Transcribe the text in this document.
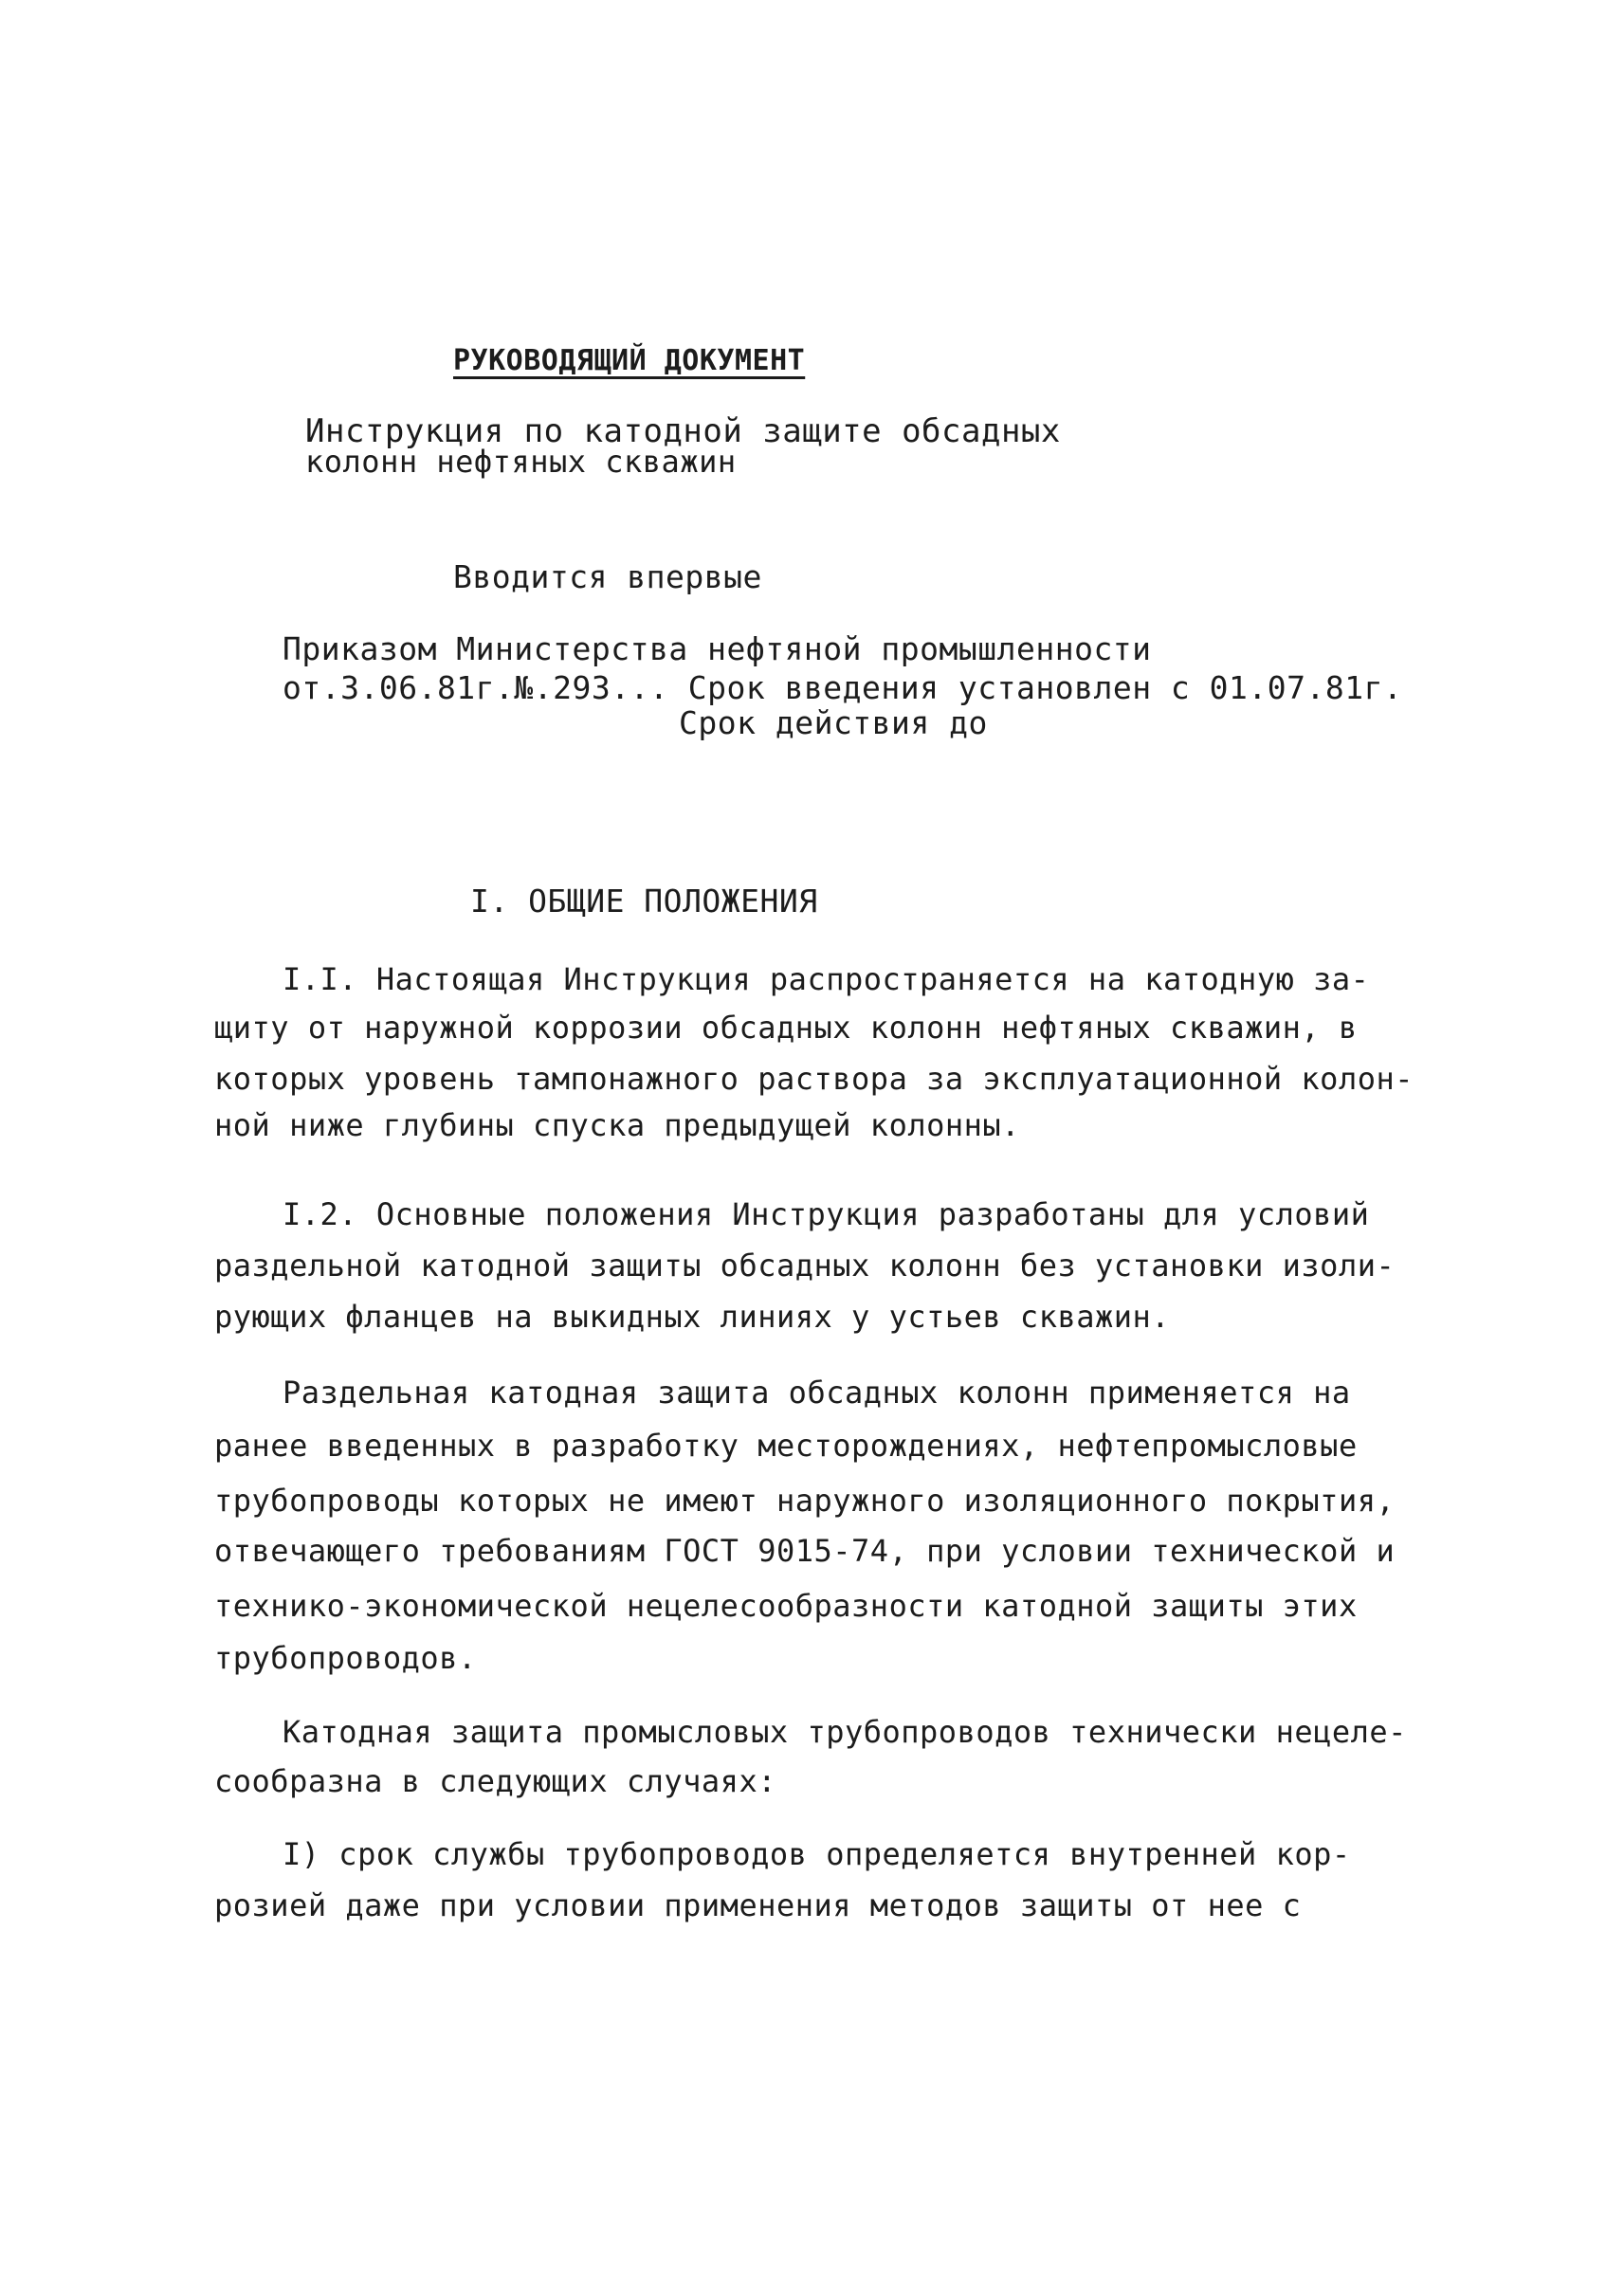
РУКОВОДЯЩИЙ ДОКУМЕНТ
Инструкция по катодной защите обсадных
колонн нефтяных скважин
Вводится впервые
Приказом Министерства нефтяной промышленности
от.3.06.81г.№.293... Срок введения установлен с 01.07.81г.
Срок действия до
I. ОБЩИЕ ПОЛОЖЕНИЯ
I.I. Настоящая Инструкция распространяется на катодную за-
щиту от наружной коррозии обсадных колонн нефтяных скважин, в
которых уровень тампонажного раствора за эксплуатационной колон-
ной ниже глубины спуска предыдущей колонны.
I.2. Основные положения Инструкция разработаны для условий
раздельной катодной защиты обсадных колонн без установки изоли-
рующих фланцев на выкидных линиях у устьев скважин.
Раздельная катодная защита обсадных колонн применяется на
ранее введенных в разработку месторождениях, нефтепромысловые
трубопроводы которых не имеют наружного изоляционного покрытия,
отвечающего требованиям ГОСТ 9015-74, при условии технической и
технико-экономической нецелесообразности катодной защиты этих
трубопроводов.
Катодная защита промысловых трубопроводов технически нецеле-
сообразна в следующих случаях:
I) срок службы трубопроводов определяется внутренней кор-
розией даже при условии применения методов защиты от нее с
